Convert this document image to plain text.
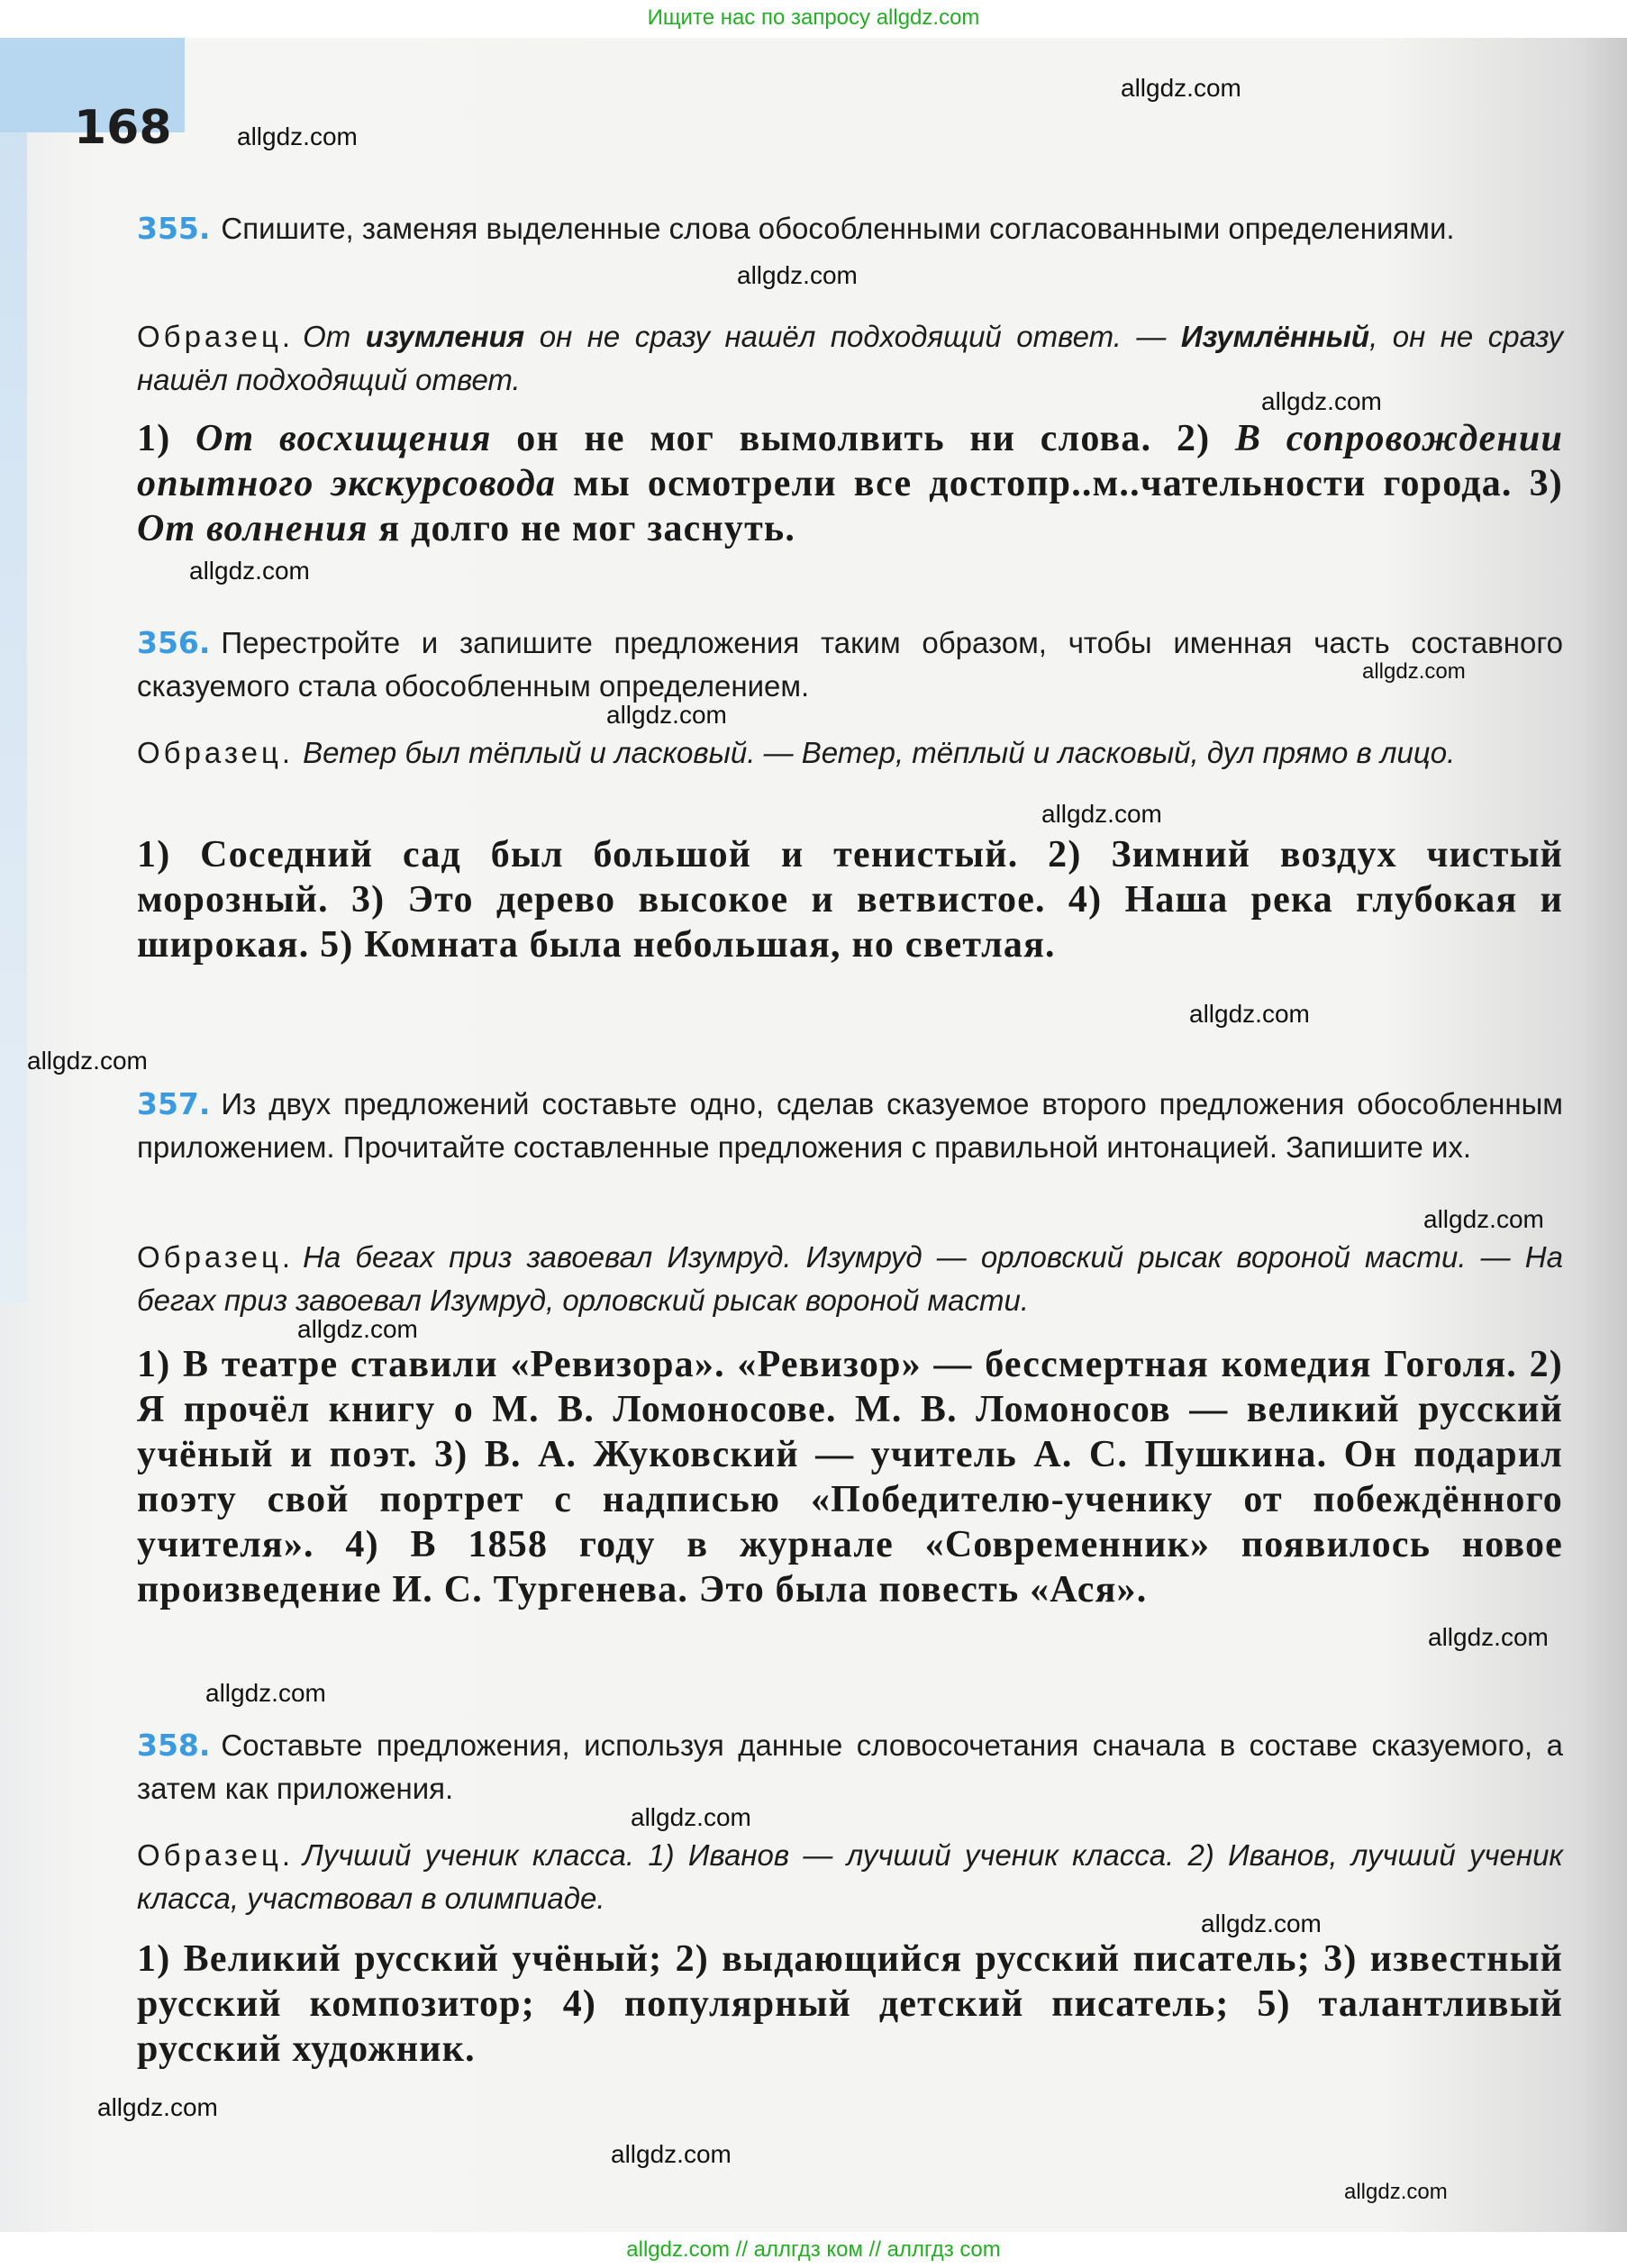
Ищите нас по запросу allgdz.com
168
355. Спишите, заменяя выделенные слова обособленными согласованными определениями.
Образец. От изумления он не сразу нашёл подходящий ответ. — Изумлённый, он не сразу нашёл подходящий ответ.
1) От восхищения он не мог вымолвить ни слова. 2) В сопровождении опытного экскурсовода мы осмотрели все достопр..м..чательности города. 3) От волнения я долго не мог заснуть.
356. Перестройте и запишите предложения таким образом, чтобы именная часть составного сказуемого стала обособленным определением.
Образец. Ветер был тёплый и ласковый. — Ветер, тёплый и ласковый, дул прямо в лицо.
1) Соседний сад был большой и тенистый. 2) Зимний воздух чистый морозный. 3) Это дерево высокое и ветвистое. 4) Наша река глубокая и широкая. 5) Комната была небольшая, но светлая.
357. Из двух предложений составьте одно, сделав сказуемое второго предложения обособленным приложением. Прочитайте составленные предложения с правильной интонацией. Запишите их.
Образец. На бегах приз завоевал Изумруд. Изумруд — орловский рысак вороной масти. — На бегах приз завоевал Изумруд, орловский рысак вороной масти.
1) В театре ставили «Ревизора». «Ревизор» — бессмертная комедия Гоголя. 2) Я прочёл книгу о М. В. Ломоносове. М. В. Ломоносов — великий русский учёный и поэт. 3) В. А. Жуковский — учитель А. С. Пушкина. Он подарил поэту свой портрет с надписью «Победителю-ученику от побеждённого учителя». 4) В 1858 году в журнале «Современник» появилось новое произведение И. С. Тургенева. Это была повесть «Ася».
358. Составьте предложения, используя данные словосочетания сначала в составе сказуемого, а затем как приложения.
Образец. Лучший ученик класса. 1) Иванов — лучший ученик класса. 2) Иванов, лучший ученик класса, участвовал в олимпиаде.
1) Великий русский учёный; 2) выдающийся русский писатель; 3) известный русский композитор; 4) популярный детский писатель; 5) талантливый русский художник.
allgdz.com
allgdz.com
allgdz.com
allgdz.com
allgdz.com
allgdz.com
allgdz.com
allgdz.com
allgdz.com
allgdz.com
allgdz.com
allgdz.com
allgdz.com
allgdz.com
allgdz.com
allgdz.com
allgdz.com
allgdz.com
allgdz.com
allgdz.com // аллгдз ком // аллгдз com
